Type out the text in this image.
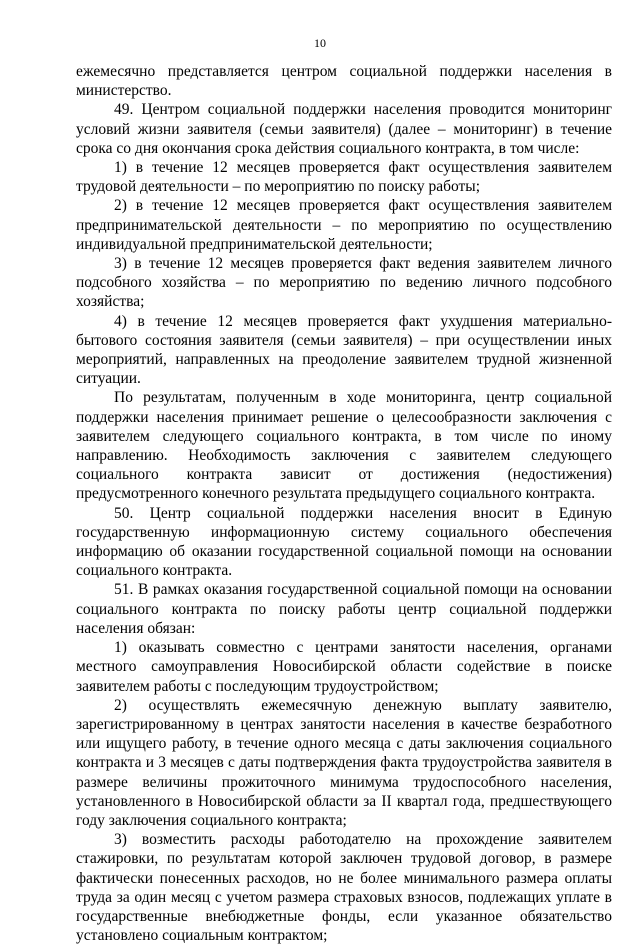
10

ежемесячно представляется центром социальной поддержки населения в министерство.

49. Центром социальной поддержки населения проводится мониторинг условий жизни заявителя (семьи заявителя) (далее – мониторинг) в течение срока со дня окончания срока действия социального контракта, в том числе:

1) в течение 12 месяцев проверяется факт осуществления заявителем трудовой деятельности – по мероприятию по поиску работы;

2) в течение 12 месяцев проверяется факт осуществления заявителем предпринимательской деятельности – по мероприятию по осуществлению индивидуальной предпринимательской деятельности;

3) в течение 12 месяцев проверяется факт ведения заявителем личного подсобного хозяйства – по мероприятию по ведению личного подсобного хозяйства;

4) в течение 12 месяцев проверяется факт ухудшения материально-бытового состояния заявителя (семьи заявителя) – при осуществлении иных мероприятий, направленных на преодоление заявителем трудной жизненной ситуации.

По результатам, полученным в ходе мониторинга, центр социальной поддержки населения принимает решение о целесообразности заключения с заявителем следующего социального контракта, в том числе по иному направлению. Необходимость заключения с заявителем следующего социального контракта зависит от достижения (недостижения) предусмотренного конечного результата предыдущего социального контракта.

50. Центр социальной поддержки населения вносит в Единую государственную информационную систему социального обеспечения информацию об оказании государственной социальной помощи на основании социального контракта.

51. В рамках оказания государственной социальной помощи на основании социального контракта по поиску работы центр социальной поддержки населения обязан:

1) оказывать совместно с центрами занятости населения, органами местного самоуправления Новосибирской области содействие в поиске заявителем работы с последующим трудоустройством;

2) осуществлять ежемесячную денежную выплату заявителю, зарегистрированному в центрах занятости населения в качестве безработного или ищущего работу, в течение одного месяца с даты заключения социального контракта и 3 месяцев с даты подтверждения факта трудоустройства заявителя в размере величины прожиточного минимума трудоспособного населения, установленного в Новосибирской области за II квартал года, предшествующего году заключения социального контракта;

3) возместить расходы работодателю на прохождение заявителем стажировки, по результатам которой заключен трудовой договор, в размере фактически понесенных расходов, но не более минимального размера оплаты труда за один месяц с учетом размера страховых взносов, подлежащих уплате в государственные внебюджетные фонды, если указанное обязательство установлено социальным контрактом;
